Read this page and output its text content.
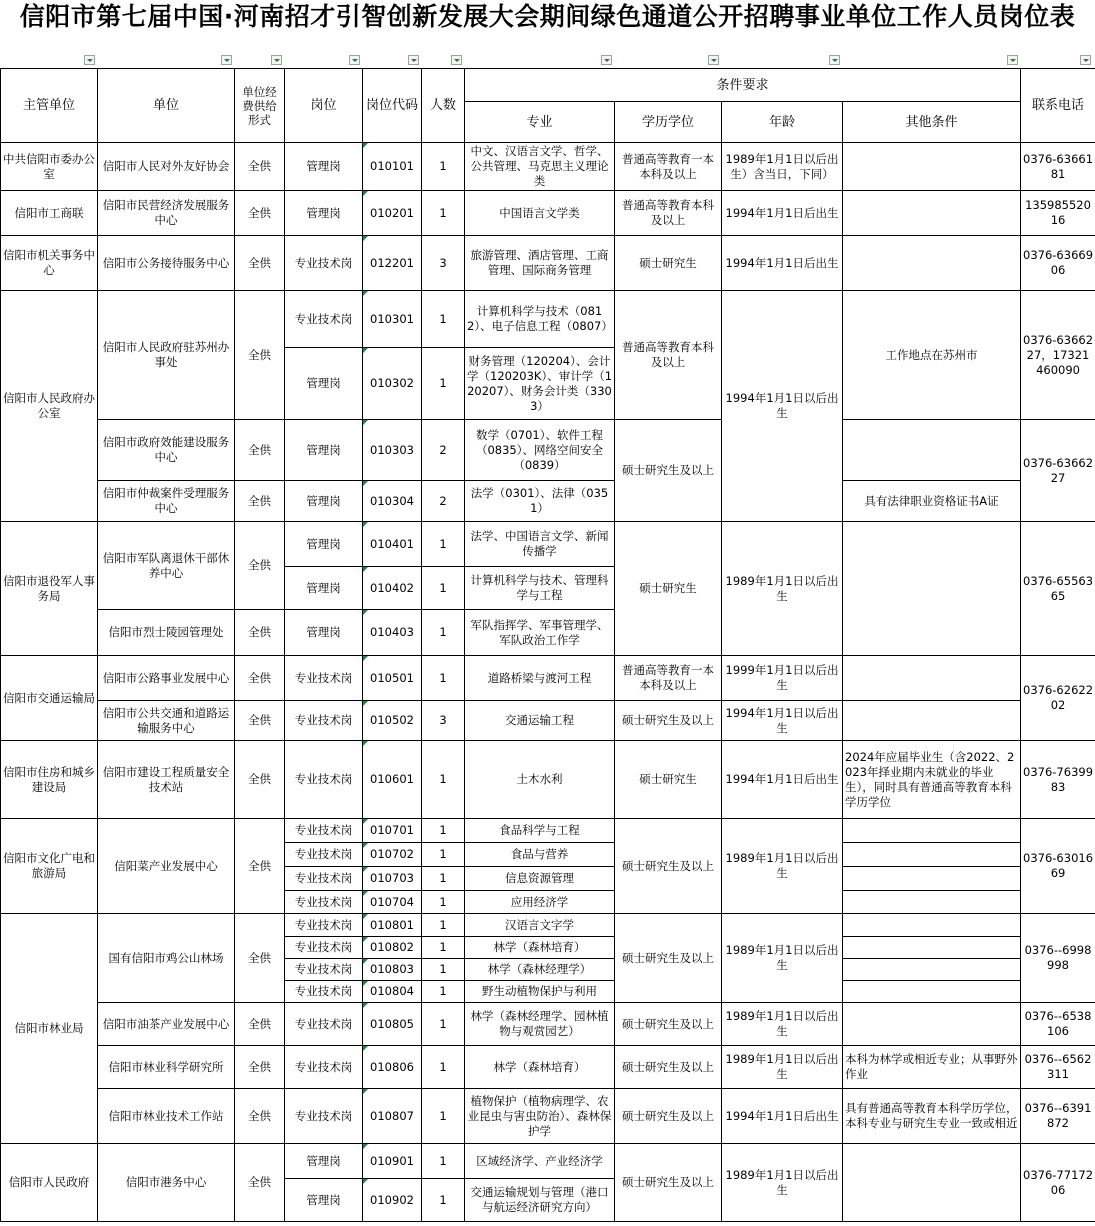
信阳市第七届中国·河南招才引智创新发展大会期间绿色通道公开招聘事业单位工作人员岗位表
主管单位	单位	单位经费供给形式	岗位	岗位代码	人数	条件要求				联系电话
						专业	学历学位	年龄	其他条件	
中共信阳市委办公室	信阳市人民对外友好协会	全供	管理岗	010101	1	中文、汉语言文学、哲学、公共管理、马克思主义理论类	普通高等教育一本本科及以上	1989年1月1日以后出生）含当日，下同）		0376-6366181
信阳市工商联	信阳市民营经济发展服务中心	全供	管理岗	010201	1	中国语言文学类	普通高等教育本科及以上	1994年1月1日后出生		13598552016
信阳市机关事务中心	信阳市公务接待服务中心	全供	专业技术岗	012201	3	旅游管理、酒店管理、工商管理、国际商务管理	硕士研究生	1994年1月1日后出生		0376-6366906
信阳市人民政府办公室	信阳市人民政府驻苏州办事处	全供	专业技术岗	010301	1	计算机科学与技术（0812）、电子信息工程（0807）	普通高等教育本科及以上	1994年1月1日以后出生	工作地点在苏州市	0376-6366227，17321460090
			管理岗	010302	1	财务管理（120204）、会计学（120203K）、审计学（120207）、财务会计类（3303）				
	信阳市政府效能建设服务中心	全供	管理岗	010303	2	数学（0701）、软件工程（0835）、网络空间安全（0839）	硕士研究生及以上			0376-6366227
	信阳市仲裁案件受理服务中心	全供	管理岗	010304	2	法学（0301）、法律（0351）			具有法律职业资格证书A证	
信阳市退役军人事务局	信阳市军队离退休干部休养中心	全供	管理岗	010401	1	法学、中国语言文学、新闻传播学	硕士研究生	1989年1月1日以后出生		0376-6556365
			管理岗	010402	1	计算机科学与技术、管理科学与工程				
	信阳市烈士陵园管理处	全供	管理岗	010403	1	军队指挥学、军事管理学、军队政治工作学				
信阳市交通运输局	信阳市公路事业发展中心	全供	专业技术岗	010501	1	道路桥梁与渡河工程	普通高等教育一本本科及以上	1999年1月1日以后出生		0376-6262202
	信阳市公共交通和道路运输服务中心	全供	专业技术岗	010502	3	交通运输工程	硕士研究生及以上	1994年1月1日以后出生		
信阳市住房和城乡建设局	信阳市建设工程质量安全技术站	全供	专业技术岗	010601	1	土木水利	硕士研究生	1994年1月1日后出生	2024年应届毕业生（含2022、2023年择业期内未就业的毕业生），同时具有普通高等教育本科学历学位	0376-7639983
信阳市文化广电和旅游局	信阳菜产业发展中心	全供	专业技术岗	010701	1	食品科学与工程	硕士研究生及以上	1989年1月1日以后出生		0376-6301669
			专业技术岗	010702	1	食品与营养				
			专业技术岗	010703	1	信息资源管理				
			专业技术岗	010704	1	应用经济学				
信阳市林业局	国有信阳市鸡公山林场	全供	专业技术岗	010801	1	汉语言文字学	硕士研究生及以上	1989年1月1日以后出生		0376--6998998
			专业技术岗	010802	1	林学（森林培育）				
			专业技术岗	010803	1	林学（森林经理学）				
			专业技术岗	010804	1	野生动植物保护与利用				
	信阳市油茶产业发展中心	全供	专业技术岗	010805	1	林学（森林经理学、园林植物与观赏园艺）	硕士研究生及以上	1989年1月1日以后出生		0376--6538106
	信阳市林业科学研究所	全供	专业技术岗	010806	1	林学（森林培育）	硕士研究生及以上	1989年1月1日以后出生	本科为林学或相近专业；从事野外作业	0376--6562311
	信阳市林业技术工作站	全供	专业技术岗	010807	1	植物保护（植物病理学、农业昆虫与害虫防治）、森林保护学	硕士研究生及以上	1994年1月1日后出生	具有普通高等教育本科学历学位，本科专业与研究生专业一致或相近	0376--6391872
信阳市人民政府	信阳市港务中心	全供	管理岗	010901	1	区域经济学、产业经济学	硕士研究生及以上	1989年1月1日以后出生		0376-7717206
			管理岗	010902	1	交通运输规划与管理（港口与航运经济研究方向）				
